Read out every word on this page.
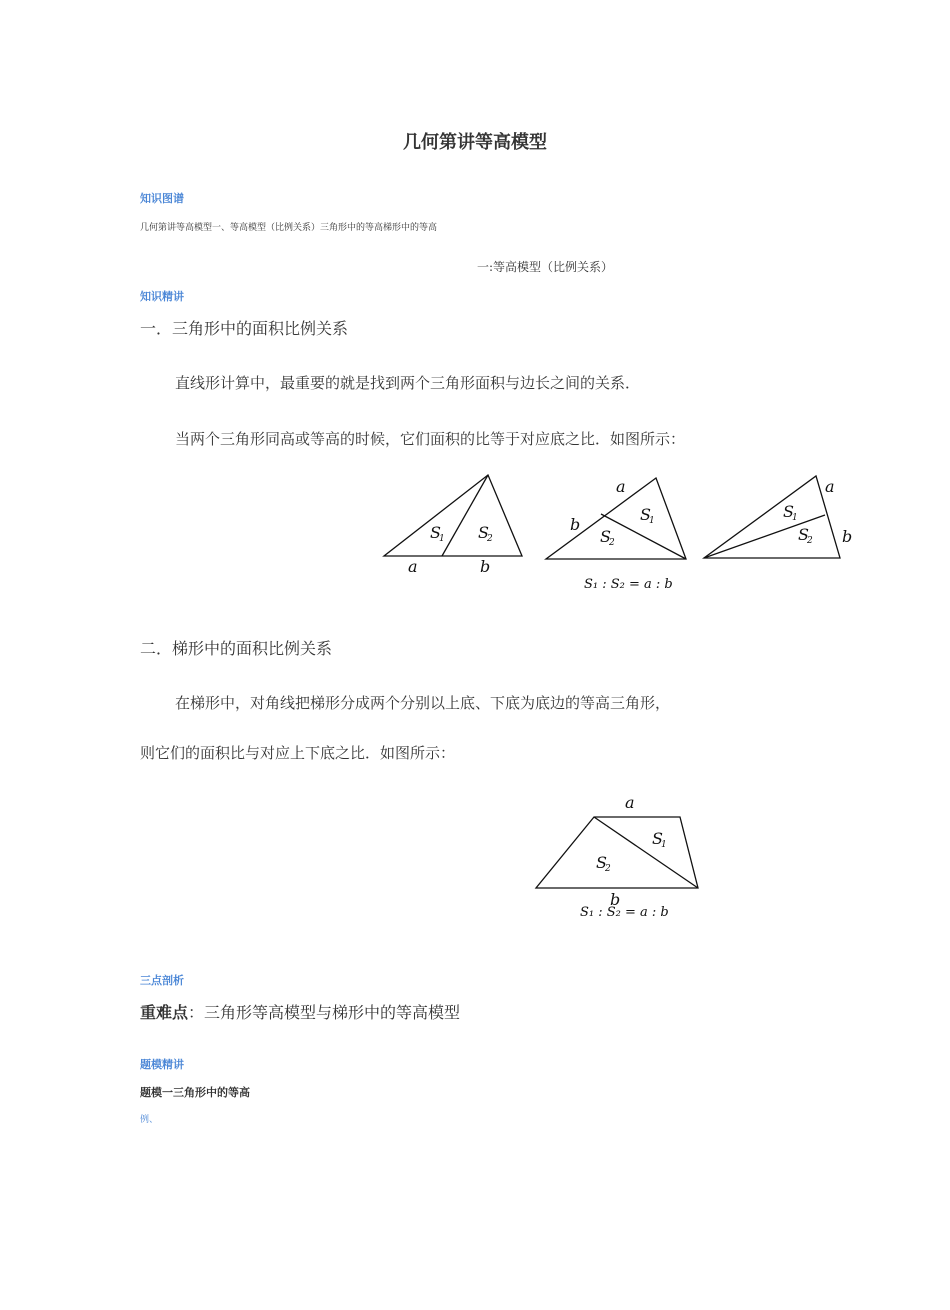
几何第讲等高模型
知识图谱
几何第讲等高模型一、等高模型（比例关系）三角形中的等高梯形中的等高
一:等高模型（比例关系）
知识精讲
一．三角形中的面积比例关系
直线形计算中，最重要的就是找到两个三角形面积与边长之间的关系．
当两个三角形同高或等高的时候，它们面积的比等于对应底之比．如图所示：
S
1 S
2
a	b
a
b
S
1
S
2
a
b
S
1
S
2
S₁ : S₂ = a : b
二．梯形中的面积比例关系
在梯形中，对角线把梯形分成两个分别以上底、下底为底边的等高三角形，
则它们的面积比与对应上下底之比．如图所示：
a
S
1
S
2
b
S₁ : S₂ = a : b
三点剖析
重难点：三角形等高模型与梯形中的等高模型
题模精讲
题模一三角形中的等高
例、
